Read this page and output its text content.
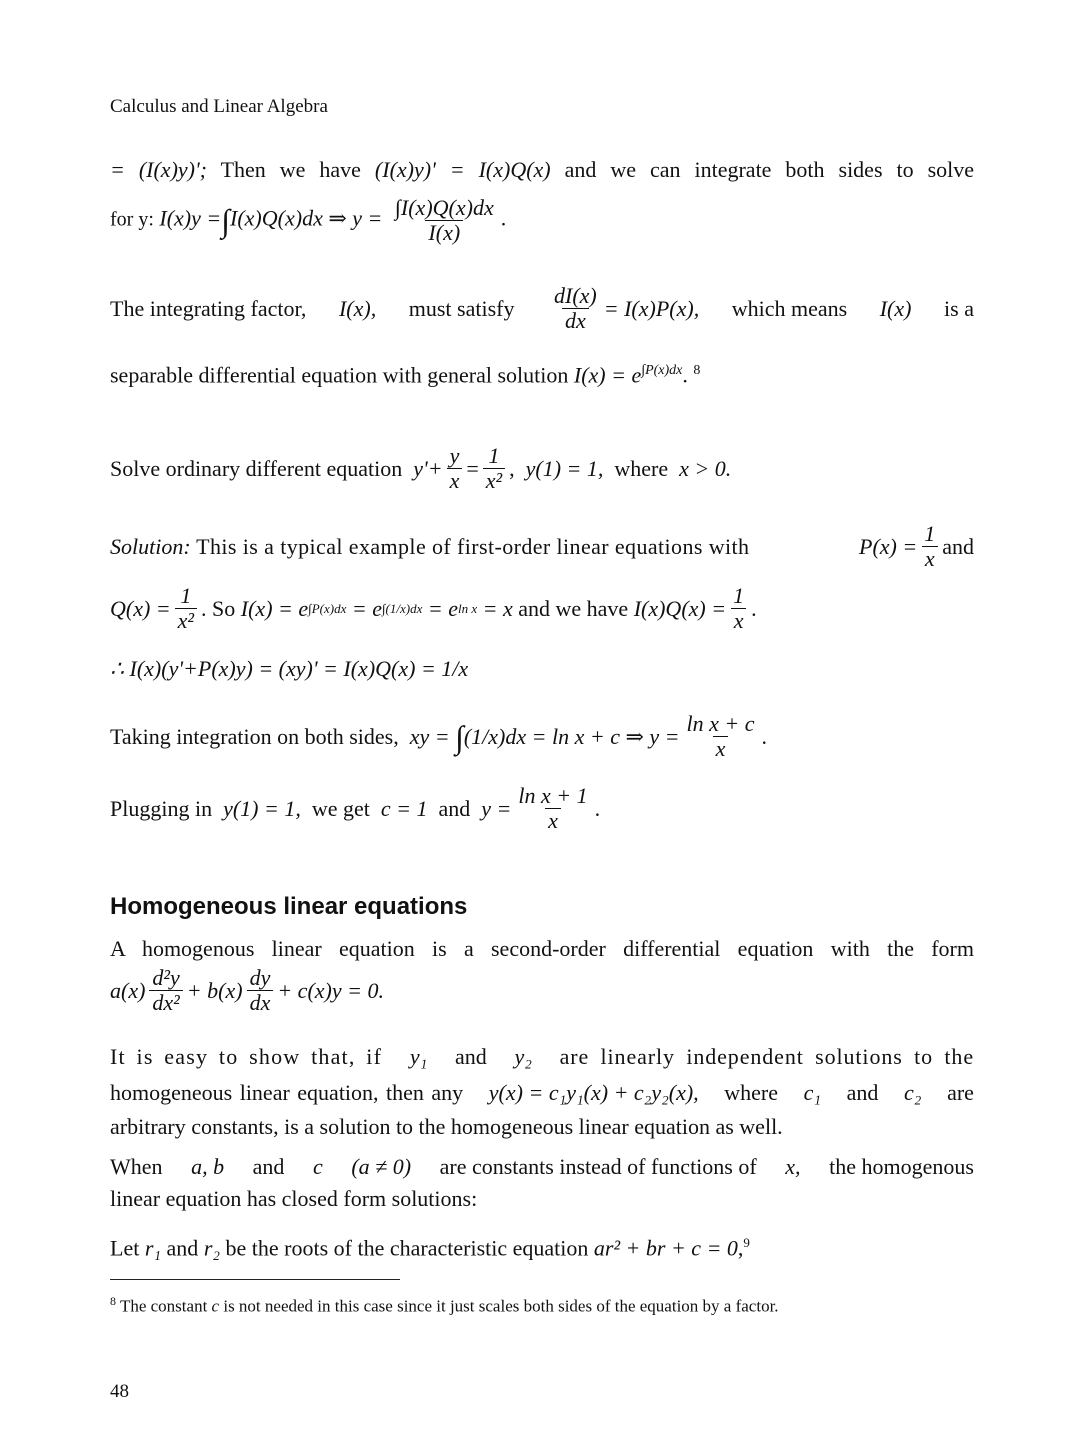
Calculus and Linear Algebra
= (I(x)y)'; Then we have (I(x)y)' = I(x)Q(x) and we can integrate both sides to solve
for y: I(x)y =∫I(x)Q(x)dx ⇒ $y = \frac{\int I(x)Q(x)dx}{I(x)}$ .
The integrating factor, I(x), must satisfy $\frac{dI(x)}{dx} = I(x)P(x)$, which means I(x) is a
separable differential equation with general solution $I(x) = e^{\int P(x)dx}$. $^8$
Solve ordinary different equation
$y'+ \frac{y}{x} = \frac{1}{\text{x²}}$ ,
y(1) = 1,
where
x > 0.
Solution: This is a typical example of first-order linear equations with	$P(x) = \frac{1}{x}$ and
$Q(x) = \frac{1}{\text{x²}}$ . So
I(x) = e ∫P(x)dx
= e ∫(1/x)dx
= e ln x
= x
and we have
$I(x)Q(x) = \frac{1}{x}$ .
∴ I(x)(y'+P(x)y) = (xy)' = I(x)Q(x) = 1/x
Taking integration on both sides,
xy =
∫ (1/x)dx = ln x + c ⇒ $y = \frac{\text{ln x + c}}{x}$ .
Plugging in
y(1) = 1,
we get
c = 1
and
$y = \frac{\text{ln x + 1}}{x}$ .
Homogeneous linear equations
A homogenous linear equation is a second-order differential equation with the form
$a(x) \frac{\text{d²y}}{\text{dx²}} + b(x) \frac{dy}{dx} + c(x)y = 0$.
It is easy to show that, if y₁ and y₂ are linearly independent solutions to the
homogeneous linear equation, then any y(x) = c₁y₁(x) + c₂y₂(x), where c₁ and c₂ are
arbitrary constants, is a solution to the homogeneous linear equation as well.
When a, b and c (a ≠ 0) are constants instead of functions of x, the homogenous
linear equation has closed form solutions:
Let r₁ and r₂ be the roots of the characteristic equation ar² + br + c = 0,$^9$
$^8$ The constant c is not needed in this case since it just scales both sides of the equation by a factor.
48
